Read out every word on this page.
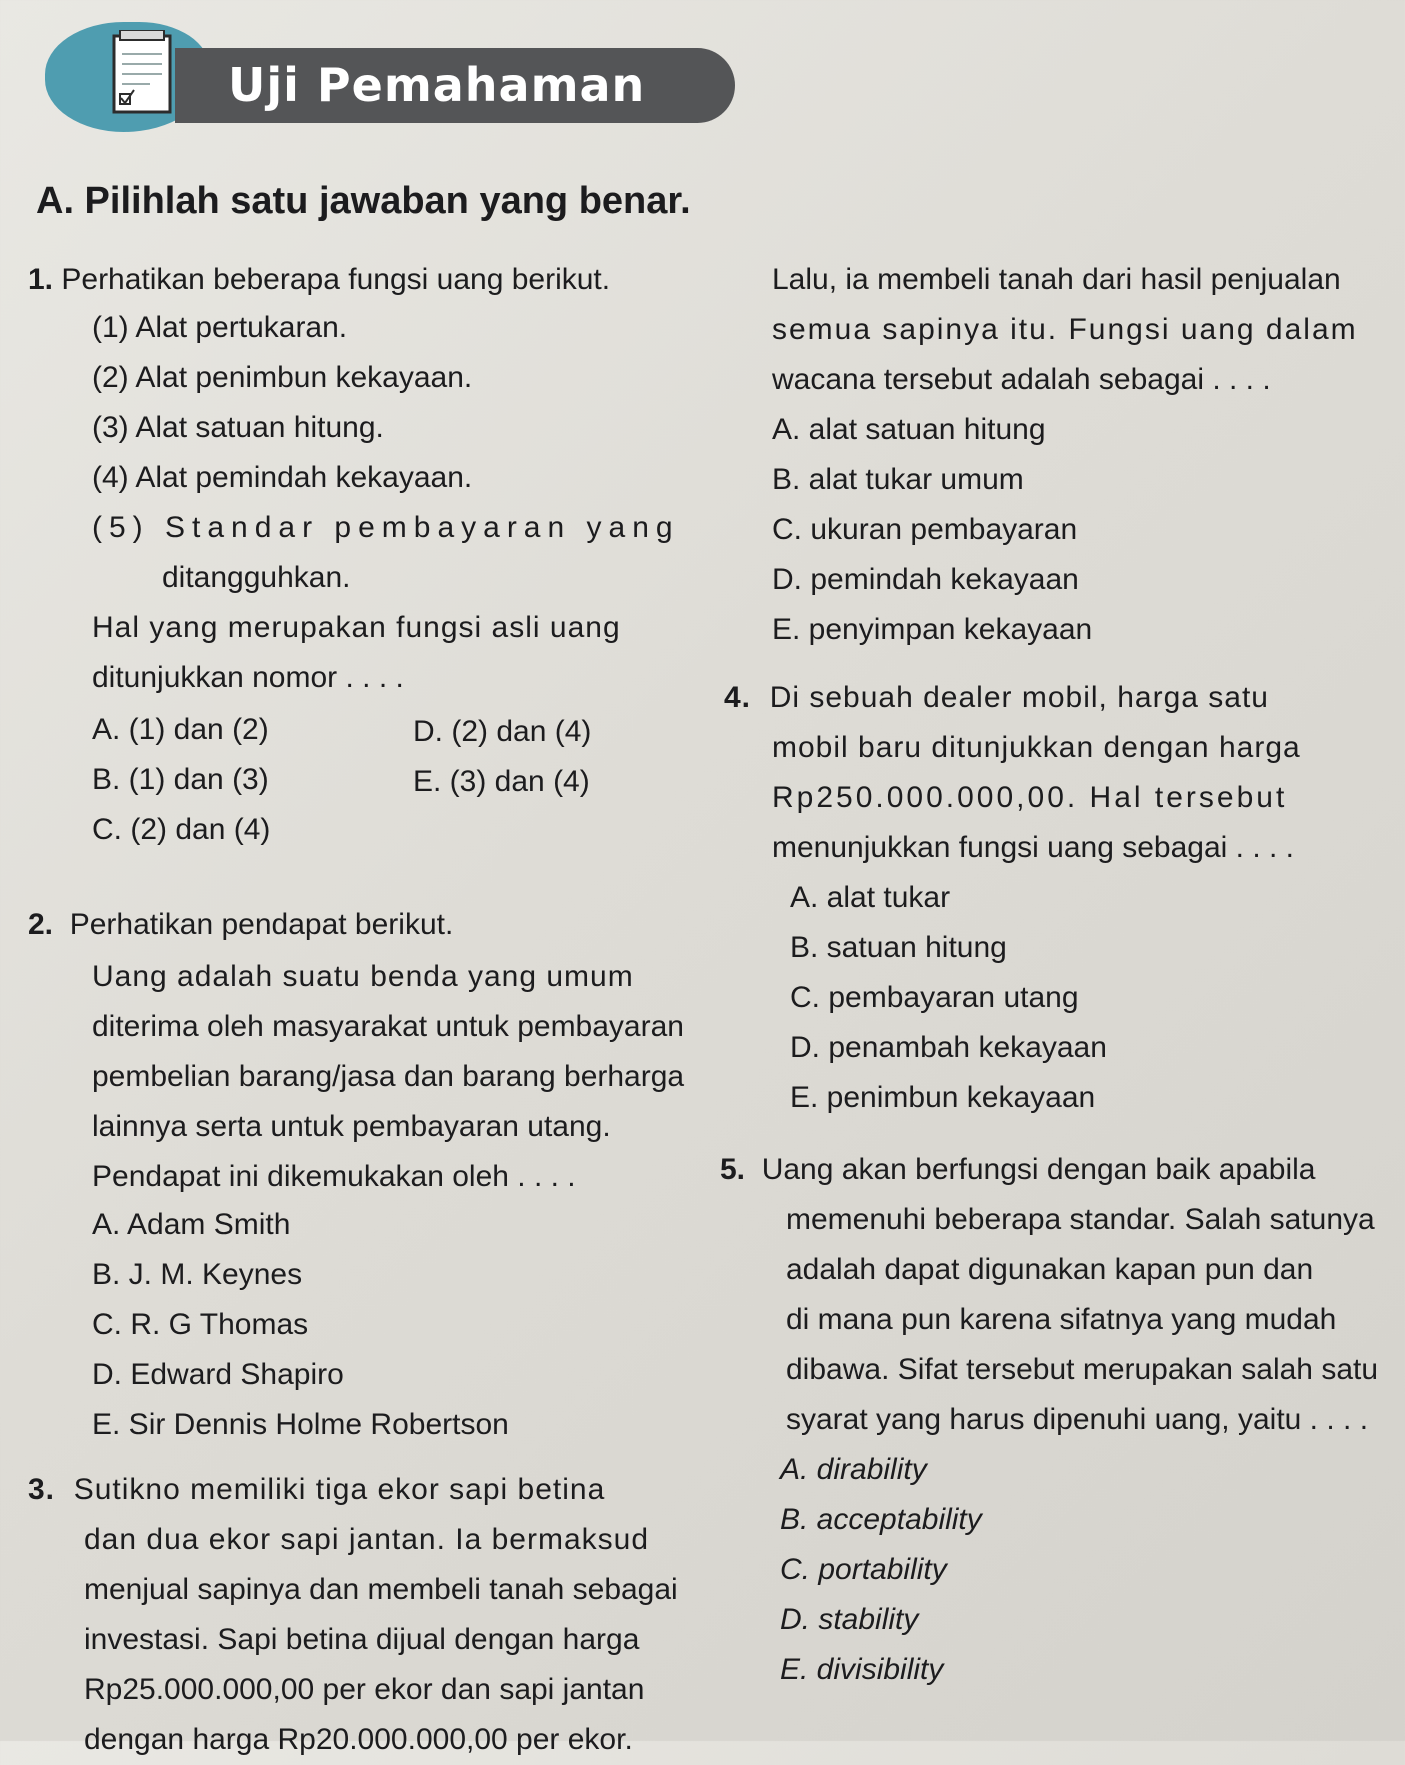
Uji Pemahaman
A. Pilihlah satu jawaban yang benar.
1. Perhatikan beberapa fungsi uang berikut.
(1) Alat pertukaran.
(2) Alat penimbun kekayaan.
(3) Alat satuan hitung.
(4) Alat pemindah kekayaan.
(5) Standar pembayaran yang
ditangguhkan.
Hal yang merupakan fungsi asli uang
ditunjukkan nomor . . . .
A. (1) dan (2)	D. (2) dan (4)
B. (1) dan (3)	E. (3) dan (4)
C. (2) dan (4)
2. Perhatikan pendapat berikut.
Uang adalah suatu benda yang umum
diterima oleh masyarakat untuk pembayaran
pembelian barang/jasa dan barang berharga
lainnya serta untuk pembayaran utang.
Pendapat ini dikemukakan oleh . . . .
A. Adam Smith
B. J. M. Keynes
C. R. G Thomas
D. Edward Shapiro
E. Sir Dennis Holme Robertson
3. Sutikno memiliki tiga ekor sapi betina
dan dua ekor sapi jantan. Ia bermaksud
menjual sapinya dan membeli tanah sebagai
investasi. Sapi betina dijual dengan harga
Rp25.000.000,00 per ekor dan sapi jantan
dengan harga Rp20.000.000,00 per ekor.
Lalu, ia membeli tanah dari hasil penjualan
semua sapinya itu. Fungsi uang dalam
wacana tersebut adalah sebagai . . . .
A. alat satuan hitung
B. alat tukar umum
C. ukuran pembayaran
D. pemindah kekayaan
E. penyimpan kekayaan
4. Di sebuah dealer mobil, harga satu
mobil baru ditunjukkan dengan harga
Rp250.000.000,00. Hal tersebut
menunjukkan fungsi uang sebagai . . . .
A. alat tukar
B. satuan hitung
C. pembayaran utang
D. penambah kekayaan
E. penimbun kekayaan
5. Uang akan berfungsi dengan baik apabila
memenuhi beberapa standar. Salah satunya
adalah dapat digunakan kapan pun dan
di mana pun karena sifatnya yang mudah
dibawa. Sifat tersebut merupakan salah satu
syarat yang harus dipenuhi uang, yaitu . . . .
A. dirability
B. acceptability
C. portability
D. stability
E. divisibility
